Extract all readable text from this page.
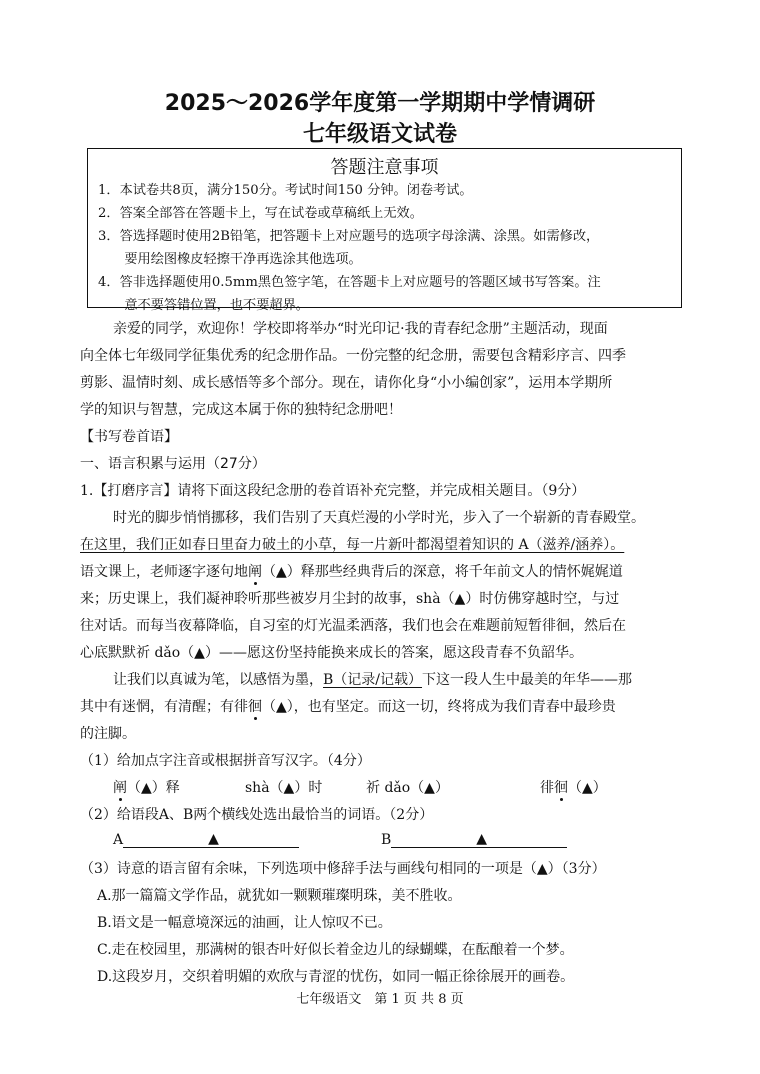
2025～2026学年度第一学期期中学情调研
七年级语文试卷
答题注意事项
1．本试卷共8页，满分150分。考试时间150 分钟。闭卷考试。
2．答案全部答在答题卡上，写在试卷或草稿纸上无效。
3．答选择题时使用2B铅笔，把答题卡上对应题号的选项字母涂满、涂黑。如需修改，
　　要用绘图橡皮轻擦干净再选涂其他选项。
4．答非选择题使用0.5mm黑色签字笔，在答题卡上对应题号的答题区域书写答案。注
　　意不要答错位置，也不要超界。
亲爱的同学，欢迎你！学校即将举办“时光印记·我的青春纪念册”主题活动，现面
向全体七年级同学征集优秀的纪念册作品。一份完整的纪念册，需要包含精彩序言、四季
剪影、温情时刻、成长感悟等多个部分。现在，请你化身“小小编创家”，运用本学期所
学的知识与智慧，完成这本属于你的独特纪念册吧！
【书写卷首语】
一、语言积累与运用（27分）
1.【打磨序言】请将下面这段纪念册的卷首语补充完整，并完成相关题目。（9分）
时光的脚步悄悄挪移，我们告别了天真烂漫的小学时光，步入了一个崭新的青春殿堂。
在这里，我们正如春日里奋力破土的小草，每一片新叶都渴望着知识的 A（滋养/涵养）。
语文课上，老师逐字逐句地阐（▲）释那些经典背后的深意，将千年前文人的情怀娓娓道
来；历史课上，我们凝神聆听那些被岁月尘封的故事，shà（▲）时仿佛穿越时空，与过
往对话。而每当夜幕降临，自习室的灯光温柔洒落，我们也会在难题前短暂徘徊，然后在
心底默默祈 dǎo（▲）——愿这份坚持能换来成长的答案，愿这段青春不负韶华。
让我们以真诚为笔，以感悟为墨，B（记录/记载）下这一段人生中最美的年华——那
其中有迷惘，有清醒；有徘徊（▲），也有坚定。而这一切，终将成为我们青春中最珍贵
的注脚。
（1）给加点字注音或根据拼音写汉字。（4分）
阐（▲）释	shà（▲）时	祈 dǎo（▲）	徘徊（▲）
（2）给语段A、B两个横线处选出最恰当的词语。（2分）
A	▲	B	▲
（3）诗意的语言留有余味，下列选项中修辞手法与画线句相同的一项是（▲）（3分）
A.那一篇篇文学作品，就犹如一颗颗璀璨明珠，美不胜收。
B.语文是一幅意境深远的油画，让人惊叹不已。
C.走在校园里，那满树的银杏叶好似长着金边儿的绿蝴蝶，在酝酿着一个梦。
D.这段岁月，交织着明媚的欢欣与青涩的忧伤，如同一幅正徐徐展开的画卷。
七年级语文　第 1 页 共 8 页
